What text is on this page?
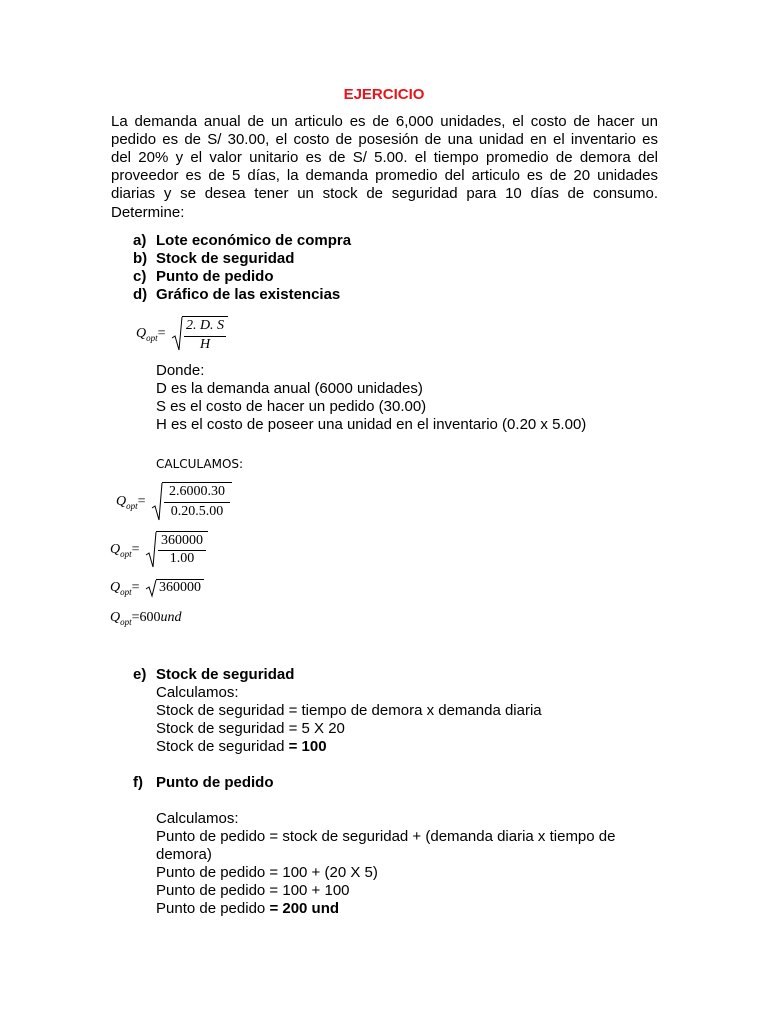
EJERCICIO
La demanda anual de un articulo es de 6,000 unidades, el costo de hacer un
pedido es de S/ 30.00, el costo de posesión de una unidad en el inventario es
del 20% y el valor unitario es de S/ 5.00. el tiempo promedio de demora del
proveedor es de 5 días, la demanda promedio del articulo es de 20 unidades
diarias y se desea tener un stock de seguridad para 10 días de consumo.
Determine:
a) Lote económico de compra
b) Stock de seguridad
c) Punto de pedido
d) Gráfico de las existencias
$Q_{opt}=$
2. D. S
H
Donde:
D es la demanda anual (6000 unidades)
S es el costo de hacer un pedido (30.00)
H es el costo de poseer una unidad en el inventario (0.20 x 5.00)
CALCULAMOS:
$Q_{opt}=$
2.6000.30
0.20.5.00
$Q_{opt}=$
360000
1.00
$Q_{opt}= 360000$
$Q_{opt}=600und$
e) Stock de seguridad
Calculamos:
Stock de seguridad = tiempo de demora x demanda diaria
Stock de seguridad = 5 X 20
Stock de seguridad = 100
f) Punto de pedido
Calculamos:
Punto de pedido = stock de seguridad + (demanda diaria x tiempo de
demora)
Punto de pedido = 100 + (20 X 5)
Punto de pedido = 100 + 100
Punto de pedido = 200 und
